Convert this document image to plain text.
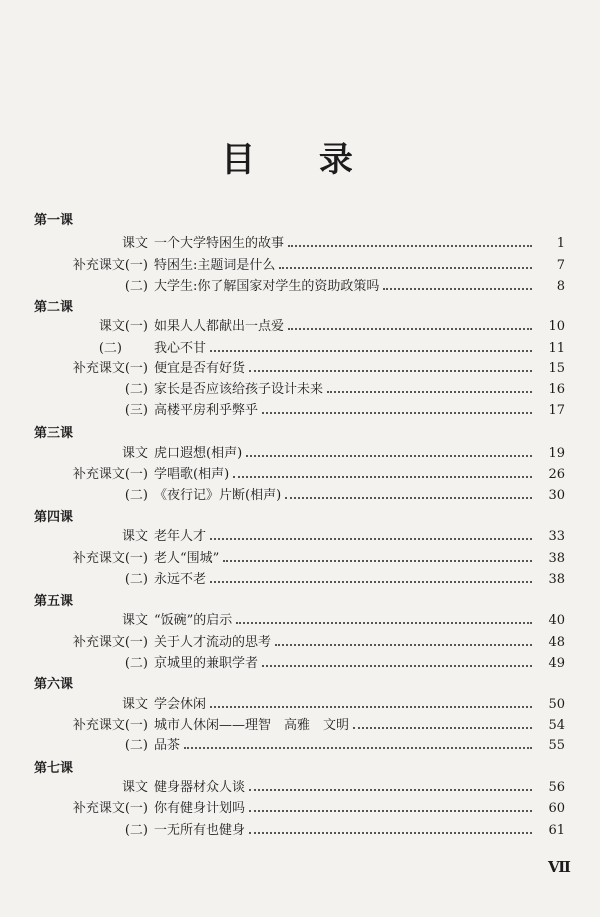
目 录
第一课
课文 一个大学特困生的故事	1
补充课文(一) 特困生:主题词是什么	7
(二) 大学生:你了解国家对学生的资助政策吗	8
第二课
课文(一) 如果人人都献出一点爱	10
(二) 我心不甘	11
补充课文(一) 便宜是否有好货	15
(二) 家长是否应该给孩子设计未来	16
(三) 高楼平房利乎弊乎	17
第三课
课文 虎口遐想(相声)	19
补充课文(一) 学唱歌(相声)	26
(二) 《夜行记》片断(相声)	30
第四课
课文 老年人才	33
补充课文(一) 老人“围城”	38
(二) 永远不老	38
第五课
课文 “饭碗”的启示	40
补充课文(一) 关于人才流动的思考	48
(二) 京城里的兼职学者	49
第六课
课文 学会休闲	50
补充课文(一) 城市人休闲——理智　高雅　文明	54
(二) 品茶	55
第七课
课文 健身器材众人谈	56
补充课文(一) 你有健身计划吗	60
(二) 一无所有也健身	61
Ⅶ
